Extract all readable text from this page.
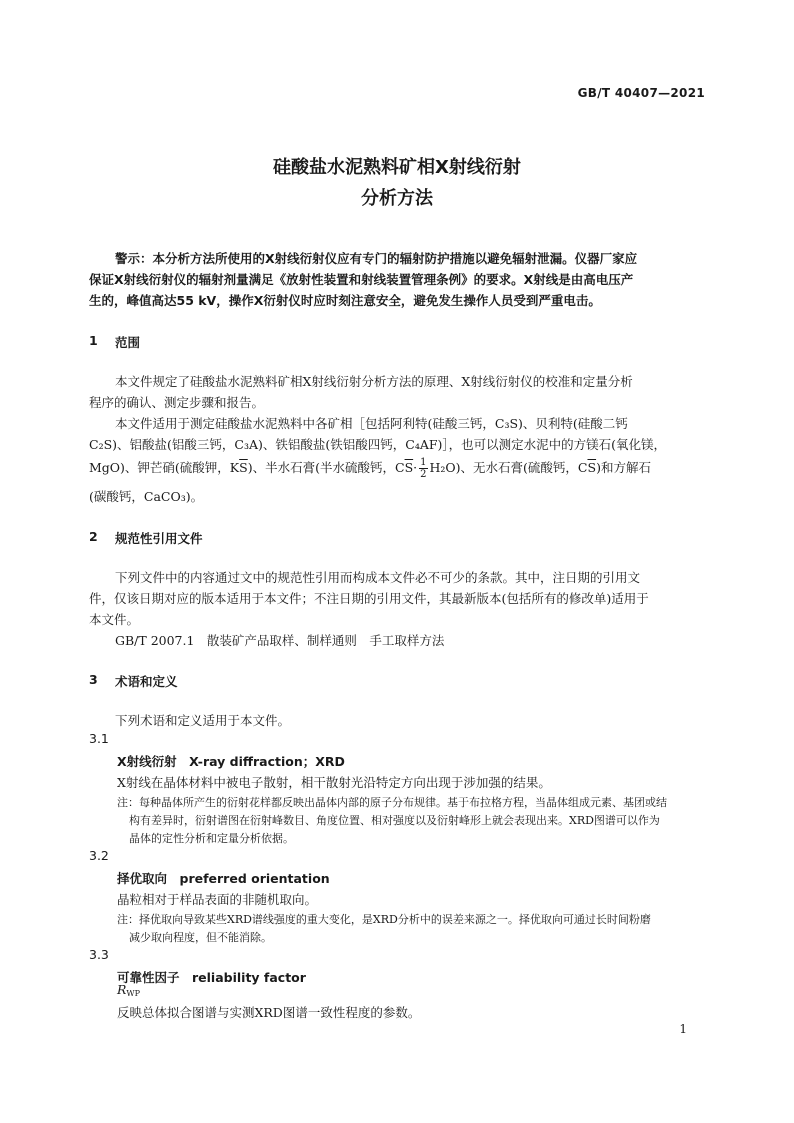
GB/T 40407—2021
硅酸盐水泥熟料矿相X射线衍射
分析方法
警示：本分析方法所使用的X射线衍射仪应有专门的辐射防护措施以避免辐射泄漏。仪器厂家应
保证X射线衍射仪的辐射剂量满足《放射性装置和射线装置管理条例》的要求。X射线是由高电压产
生的，峰值高达55 kV，操作X衍射仪时应时刻注意安全，避免发生操作人员受到严重电击。
1 范围
本文件规定了硅酸盐水泥熟料矿相X射线衍射分析方法的原理、X射线衍射仪的校准和定量分析
程序的确认、测定步骤和报告。
本文件适用于测定硅酸盐水泥熟料中各矿相［包括阿利特(硅酸三钙，C₃S)、贝利特(硅酸二钙
C₂S)、铝酸盐(铝酸三钙，C₃A)、铁铝酸盐(铁铝酸四钙，C₄AF)］，也可以测定水泥中的方镁石(氧化镁，
MgO)、钾芒硝(硫酸钾，$K\overline{S}$)、半水石膏(半水硫酸钙，$C\overline{S}\cdot \frac{1}{2} H_2O$)、无水石膏(硫酸钙，$C\overline{S}$)和方解石
(碳酸钙，CaCO₃)。
2 规范性引用文件
下列文件中的内容通过文中的规范性引用而构成本文件必不可少的条款。其中，注日期的引用文
件，仅该日期对应的版本适用于本文件；不注日期的引用文件，其最新版本(包括所有的修改单)适用于
本文件。
GB/T 2007.1　散装矿产品取样、制样通则　手工取样方法
3 术语和定义
下列术语和定义适用于本文件。
3.1
X射线衍射　X-ray diffraction；XRD
X射线在晶体材料中被电子散射，相干散射光沿特定方向出现于涉加强的结果。
注：每种晶体所产生的衍射花样都反映出晶体内部的原子分布规律。基于布拉格方程，当晶体组成元素、基团或结
构有差异时，衍射谱图在衍射峰数目、角度位置、相对强度以及衍射峰形上就会表现出来。XRD图谱可以作为
晶体的定性分析和定量分析依据。
3.2
择优取向　preferred orientation
晶粒相对于样品表面的非随机取向。
注：择优取向导致某些XRD谱线强度的重大变化，是XRD分析中的误差来源之一。择优取向可通过长时间粉磨
减少取向程度，但不能消除。
3.3
可靠性因子　reliability factor
$R_{WP}$
反映总体拟合图谱与实测XRD图谱一致性程度的参数。
1
